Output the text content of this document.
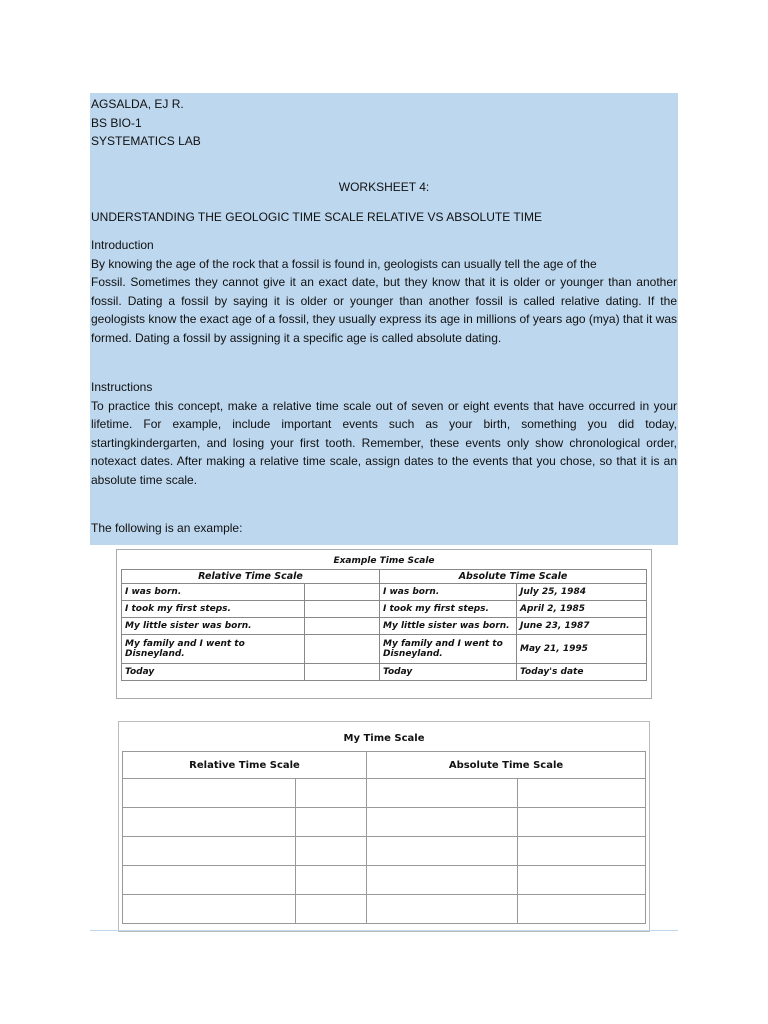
AGSALDA, EJ R.

BS BIO-1

SYSTEMATICS LAB

WORKSHEET 4:
UNDERSTANDING THE GEOLOGIC TIME SCALE RELATIVE VS ABSOLUTE TIME

Introduction

By knowing the age of the rock that a fossil is found in, geologists can usually tell the age of the

Fossil. Sometimes they cannot give it an exact date, but they know that it is older or younger than another fossil. Dating a fossil by saying it is older or younger than another fossil is called relative dating. If the geologists know the exact age of a fossil, they usually express its age in millions of years ago (mya) that it was formed. Dating a fossil by assigning it a specific age is called absolute dating.

Instructions

To practice this concept, make a relative time scale out of seven or eight events that have occurred in your lifetime. For example, include important events such as your birth, something you did today, startingkindergarten, and losing your first tooth. Remember, these events only show chronological order, notexact dates. After making a relative time scale, assign dates to the events that you chose, so that it is an absolute time scale.

The following is an example:
Example Time Scale			
Relative Time Scale		Absolute Time Scale	
I was born.		I was born.	July 25, 1984
I took my first steps.		I took my first steps.	April 2, 1985
My little sister was born.		My little sister was born.	June 23, 1987
My family and I went to Disneyland.		My family and I went to Disneyland.	May 21, 1995
Today		Today	Today's date
My Time Scale			
Relative Time Scale		Absolute Time Scale	
